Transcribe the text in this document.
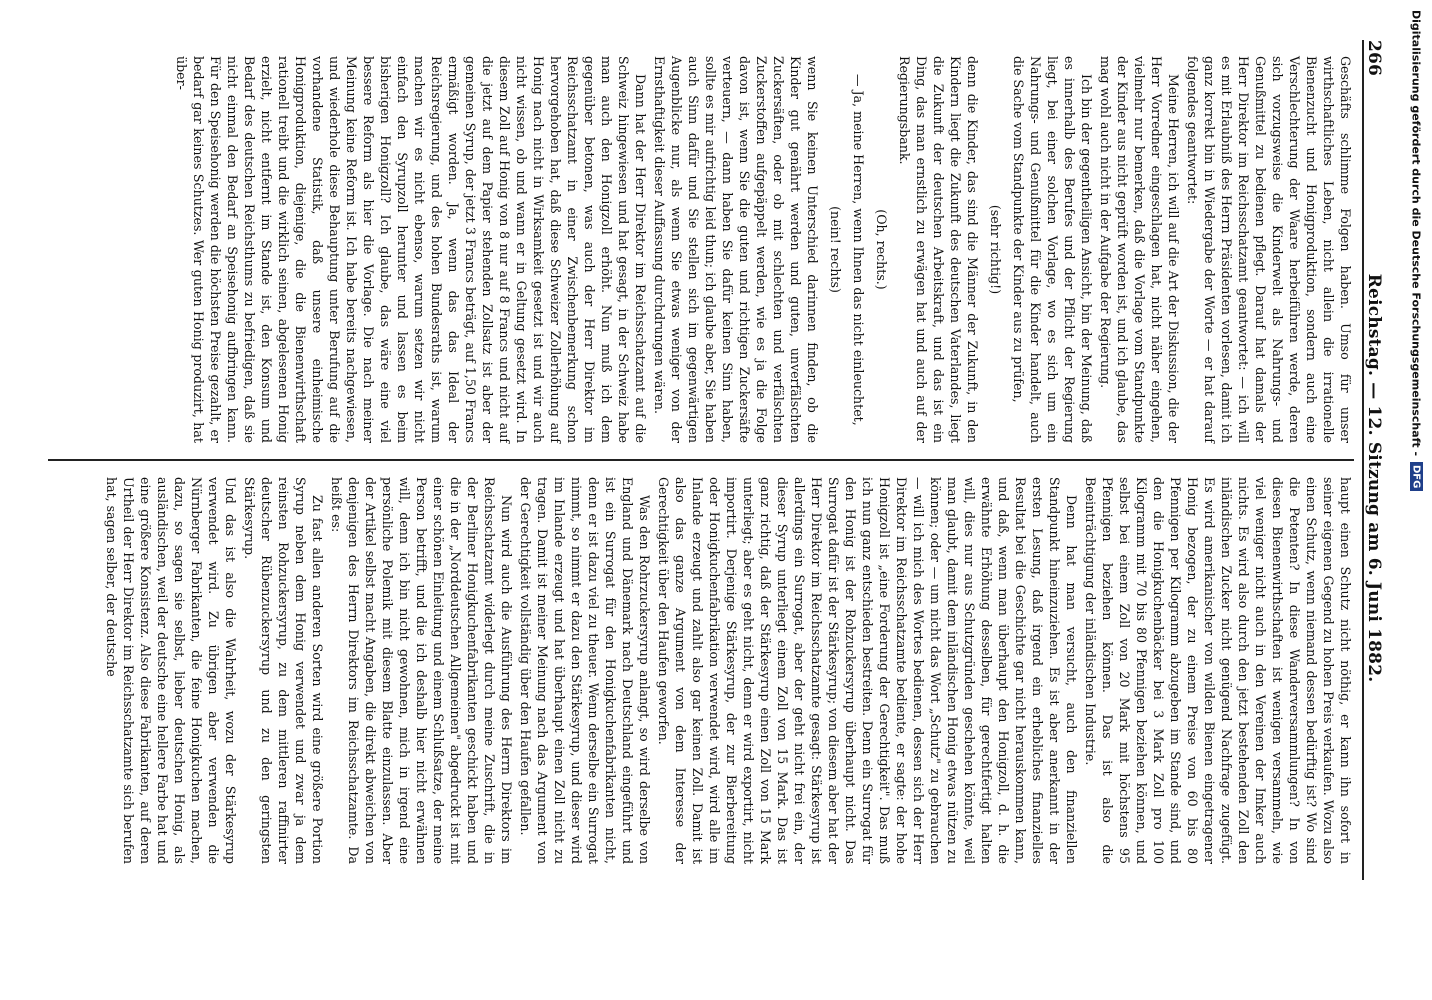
266
Reichstag. — 12. Sitzung am 6. Juni 1882.

Geschäfts schlimme Folgen haben. Umso für unser wirthschaftliches Leben, nicht allein die irrationelle Bienenzucht und Honigproduktion, sondern auch eine Verschlechterung der Waare herbeiführen werde, deren sich vorzugsweise die Kinderwelt als Nahrungs- und Genußmittel zu bedienen pflegt. Darauf hat damals der Herr Direktor im Reichsschatzamt geantwortet: — ich will es mit Erlaubniß des Herrn Präsidenten vorlesen, damit ich ganz korrekt bin in Wiedergabe der Worte — er hat darauf folgendes geantwortet:

Meine Herren, ich will auf die Art der Diskussion, die der Herr Vorredner eingeschlagen hat, nicht näher eingehen, vielmehr nur bemerken, daß die Vorlage vom Standpunkte der Kinder aus nicht geprüft worden ist, und ich glaube, das mag wohl auch nicht in der Aufgabe der Regierung.

Ich bin der gegentheiligen Ansicht, bin der Meinung, daß es innerhalb des Berufes und der Pflicht der Regierung liegt, bei einer solchen Vorlage, wo es sich um ein Nahrungs- und Genußmittel für die Kinder handelt, auch die Sache vom Standpunkte der Kinder aus zu prüfen,

(sehr richtig!)

denn die Kinder, das sind die Männer der Zukunft, in den Kindern liegt die Zukunft des deutschen Vaterlandes, liegt die Zukunft der deutschen Arbeitskraft, und das ist ein Ding, das man ernstlich zu erwägen hat und auch auf der Regierungsbank.

(Oh, rechts.)

— Ja, meine Herren, wenn Ihnen das nicht einleuchtet,

(nein! rechts)

wenn Sie keinen Unterschied darinnen finden, ob die Kinder gut genährt werden und guten, unverfälschten Zuckersäften, oder ob mit schlechten und verfälschten Zuckerstoffen aufgepäppelt werden, wie es ja die Folge davon ist, wenn Sie die guten und richtigen Zuckersäfte verteuern, — dann haben Sie dafür keinen Sinn haben, sollte es mir aufrichtig leid thun; ich glaube aber, Sie haben auch Sinn dafür und Sie stellen sich im gegenwärtigen Augenblicke nur, als wenn Sie etwas weniger von der Ernsthaftigkeit dieser Auffassung durchdrungen wären.

Dann hat der Herr Direktor im Reichsschatzamt auf die Schweiz hingewiesen und hat gesagt, in der Schweiz habe man auch den Honigzoll erhöht. Nun muß ich dem gegenüber betonen, was auch der Herr Direktor im Reichsschatzamt in einer Zwischenbemerkung schon hervorgehoben hat, daß diese Schweizer Zollerhöhung auf Honig nach nicht in Wirksamkeit gesetzt ist und wir auch nicht wissen, ob und wann er in Geltung gesetzt wird. In diesem Zoll auf Honig von 8 nur auf 8 Francs und nicht auf die jetzt auf dem Papier stehenden Zollsatz ist aber der gemeinen Syrup, der jetzt 3 Francs beträgt, auf 1,50 Francs ermäßigt worden. Ja, wenn das das Ideal der Reichsregierung, und des hohen Bundesraths ist, warum machen wir es nicht ebenso, warum setzen wir nicht einfach den Syrupzoll herunter und lassen es beim bisherigen Honigzoll? Ich glaube, das wäre eine viel bessere Reform als hier die Vorlage. Die nach meiner Meinung keine Reform ist. Ich habe bereits nachgewiesen, und wiederhole diese Behauptung unter Berufung auf die vorhandene Statistik, daß unsere einheimische Honigproduktion, diejenige, die die Bienenwirthschaft rationell treibt und die wirklich seinen, abgelesenen Honig erzielt, nicht entfernt im Stande ist, den Konsum und Bedarf des deutschen Reichsthums zu befriedigen, daß sie nicht einmal den Bedarf an Speisehonig aufbringen kann. Für den Speisehonig werden die höchsten Preise gezahlt, er bedarf gar keines Schutzes. Wer guten Honig produzirt, hat über-

haupt einen Schutz nicht nöthig, er kann ihn sofort in seiner eigenen Gegend zu hohen Preis verkaufen. Wozu also einen Schutz, wenn niemand dessen bedürftig ist? Wo sind die Petenten? In diese Wanderversammlungen? In von diesen Bienenwirthschaften ist wenigen versammeln, wie viel weniger nicht auch in den Vereinen der Imker auch nichts. Es wird also durch den jetzt bestehenden Zoll den inländischen Zucker nicht genügend Nachfrage zugefügt. Es wird amerikanischer von wilden Bienen eingetragener Honig bezogen, der zu einem Preise von 60 bis 80 Pfennigen per Kilogramm abzugeben im Stande sind, und den die Honigkuchenbäcker bei 3 Mark Zoll pro 100 Kilogramm mit 70 bis 80 Pfennigen beziehen können, und selbst bei einem Zoll von 20 Mark mit höchstens 95 Pfennigen beziehen können. Das ist also die Beeinträchtigung der inländischen Industrie.

Denn hat man versucht, auch den finanziellen Standpunkt hineinzuziehen. Es ist aber anerkannt in der ersten Lesung, daß irgend ein erhebliches finanzielles Resultat bei die Geschichte gar nicht herauskommen kann, und daß, wenn man überhaupt den Honigzoll, d. h. die erwähnte Erhöhung desselben, für gerechtfertigt halten will, dies nur aus Schutzgründen geschehen könnte, weil man glaubt, damit dem inländischen Honig etwas nützen zu können; oder — um nicht das Wort „Schutz" zu gebrauchen — will ich mich des Wortes bedienen, dessen sich der Herr Direktor im Reichsschatzamte bediente, er sagte: der hohe Honigzoll ist „eine Forderung der Gerechtigkeit". Das muß ich nun ganz entschieden bestreiten. Denn ein Surrogat für den Honig ist der Rohzuckersyrup überhaupt nicht. Das Surrogat dafür ist der Stärkesyrup; von diesem aber hat der Herr Direktor im Reichsschatzamte gesagt: Stärkesyrup ist allerdings ein Surrogat, aber der geht nicht frei ein, der dieser Syrup unterliegt einem Zoll von 15 Mark. Das ist ganz richtig, daß der Stärkesyrup einen Zoll von 15 Mark unterliegt; aber es geht nicht, denn er wird exportirt, nicht importirt. Derjenige Stärkesyrup, der zur Bierbereitung oder Honigkuchenfabrikation verwendet wird, wird alle im Inlande erzeugt und zahlt also gar keinen Zoll. Damit ist also das ganze Argument von dem Interesse der Gerechtigkeit über den Haufen geworfen.

Was den Rohrzuckersyrup anlangt, so wird derselbe von England und Dänemark nach Deutschland eingeführt und ist ein Surrogat für den Honigkuchenfabrikanten nicht, denn er ist dazu viel zu theuer. Wenn derselbe ein Surrogat nimmt, so nimmt er dazu den Stärkesyrup, und dieser wird im Inlande erzeugt und hat überhaupt einen Zoll nicht zu tragen. Damit ist meiner Meinung nach das Argument von der Gerechtigkeit vollständig über den Haufen gefallen.

Nun wird auch die Ausführung des Herrn Direktors im Reichsschatzamt widerlegt durch meine Zuschrift, die in der Berliner Honigkuchenfabrikanten geschickt haben und die in der „Norddeutschen Allgemeinen" abgedruckt ist mit einer schönen Einleitung und einem Schlußsatze, der meine Person betrifft, und die ich deshalb hier nicht erwähnen will, denn ich bin nicht gewohnen, mich in irgend eine persönliche Polemik mit diesem Blatte einzulassen. Aber der Artikel selbst macht Angaben, die direkt abweichen von denjenigen des Herrn Direktors im Reichsschatzamte. Da heißt es:

Zu fast allen anderen Sorten wird eine größere Portion Syrup neben dem Honig verwendet und zwar ja dem reinsten Rohzuckersyrup, zu dem mittleren raffinirter deutscher Rübenzuckersyrup und zu den geringsten Stärkesyrup.

Und das ist also die Wahrheit, wozu der Stärkesyrup verwendet wird. Zu übrigen aber verwenden die Nürnberger Fabrikanten, die feine Honigkuchen machen, dazu, so sagen sie selbst, lieber deutschen Honig, als ausländischen, weil der deutsche eine hellere Farbe hat und eine größere Konsistenz. Also diese Fabrikanten, auf deren Urtheil der Herr Direktor im Reichsschatzamte sich berufen hat, sagen selber, der deutsche

Digitalisierung gefördert durch die Deutsche Forschungsgemeinschaft -
DFG
